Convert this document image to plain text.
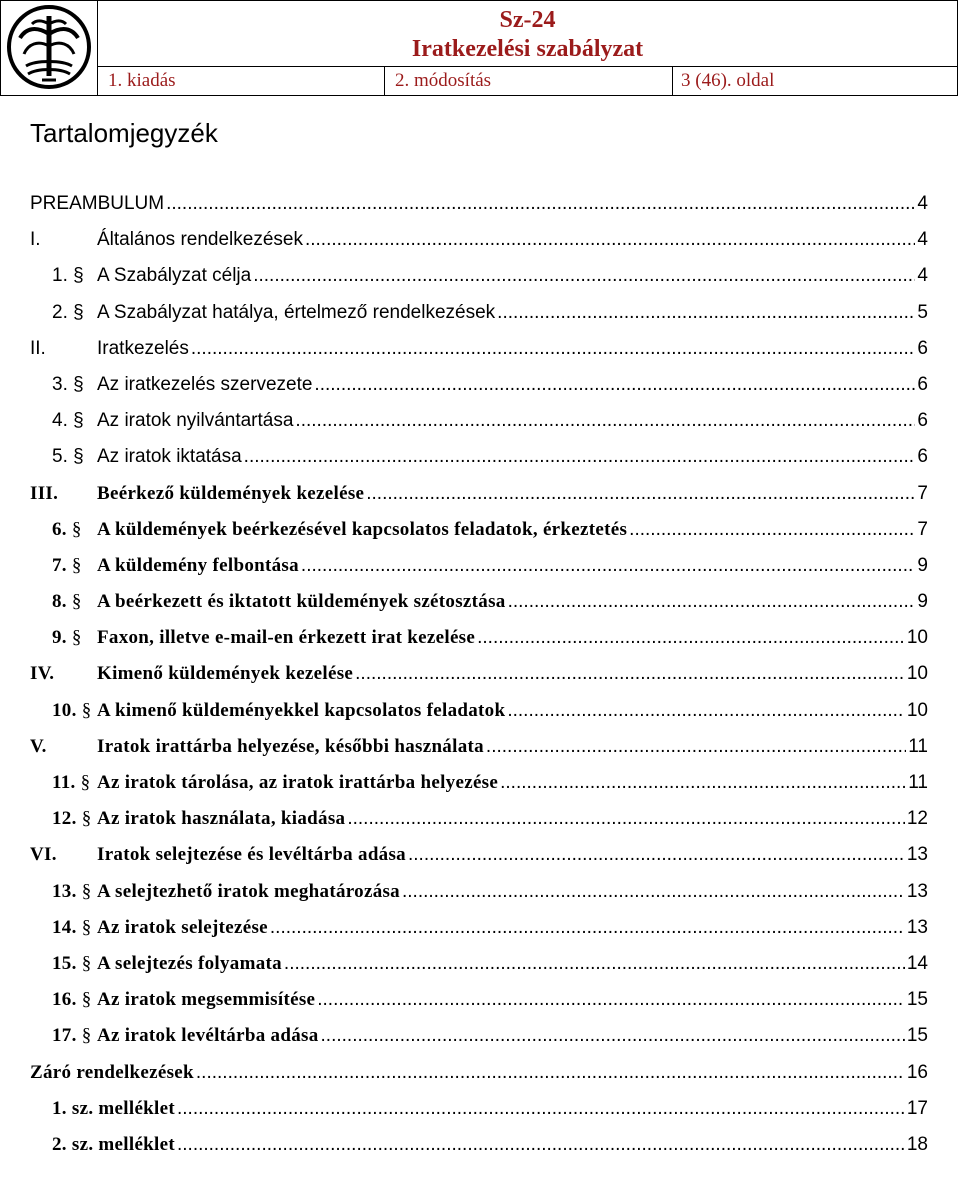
Sz-24
Iratkezelési szabályzat
1. kiadás	2. módosítás	3 (46). oldal
Tartalomjegyzék
PREAMBULUM .....	4
I.	Általános rendelkezések .....	4
1. § A Szabályzat célja .....	4
2. § A Szabályzat hatálya, értelmező rendelkezések .....	5
II.	Iratkezelés .....	6
3. § Az iratkezelés szervezete .....	6
4. § Az iratok nyilvántartása .....	6
5. § Az iratok iktatása .....	6
III.	Beérkező küldemények kezelése .....	7
6. § A küldemények beérkezésével kapcsolatos feladatok, érkeztetés .....	7
7. § A küldemény felbontása .....	9
8. § A beérkezett és iktatott küldemények szétosztása .....	9
9. § Faxon, illetve e-mail-en érkezett irat kezelése .....	10
IV.	Kimenő küldemények kezelése .....	10
10. § A kimenő küldeményekkel kapcsolatos feladatok .....	10
V.	Iratok irattárba helyezése, későbbi használata .....	11
11. § Az iratok tárolása, az iratok irattárba helyezése .....	11
12. § Az iratok használata, kiadása .....	12
VI.	Iratok selejtezése és levéltárba adása .....	13
13. § A selejtezhető iratok meghatározása .....	13
14. § Az iratok selejtezése .....	13
15. § A selejtezés folyamata .....	14
16. § Az iratok megsemmisítése .....	15
17. § Az iratok levéltárba adása .....	15
Záró rendelkezések .....	16
1. sz. melléklet .....	17
2. sz. melléklet .....	18
